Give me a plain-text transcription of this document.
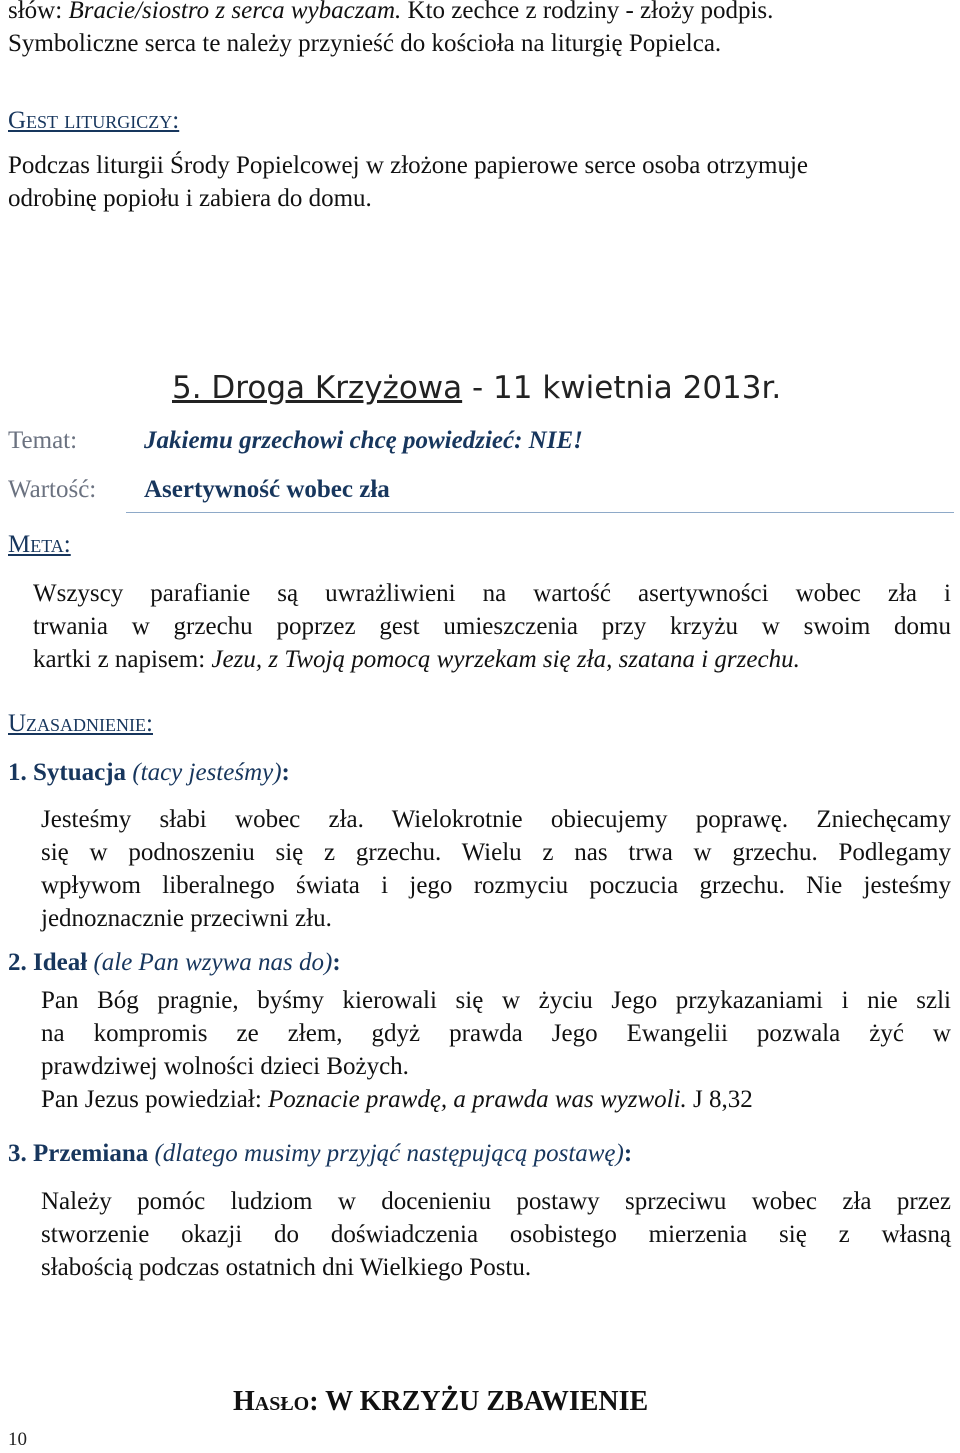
słów: Bracie/siostro z serca wybaczam. Kto zechce z rodziny - złoży podpis.
Symboliczne serca te należy przynieść do kościoła na liturgię Popielca.
Gest liturgiczy:
Podczas liturgii Środy Popielcowej w złożone papierowe serce osoba otrzymuje
odrobinę popiołu i zabiera do domu.
5. Droga Krzyżowa - 11 kwietnia 2013r.
Temat:	Jakiemu grzechowi chcę powiedzieć: NIE!
Wartość: Asertywność wobec zła
Meta:
Wszyscy parafianie są uwrażliwieni na wartość asertywności wobec zła i
trwania w grzechu poprzez gest umieszczenia przy krzyżu w swoim domu
kartki z napisem: Jezu, z Twoją pomocą wyrzekam się zła, szatana i grzechu.
Uzasadnienie:
1. Sytuacja (tacy jesteśmy):
Jesteśmy słabi wobec zła. Wielokrotnie obiecujemy poprawę. Zniechęcamy
się w podnoszeniu się z grzechu. Wielu z nas trwa w grzechu. Podlegamy
wpływom liberalnego świata i jego rozmyciu poczucia grzechu. Nie jesteśmy
jednoznacznie przeciwni złu.
2. Ideał (ale Pan wzywa nas do):
Pan Bóg pragnie, byśmy kierowali się w życiu Jego przykazaniami i nie szli
na kompromis ze złem, gdyż prawda Jego Ewangelii pozwala żyć w
prawdziwej wolności dzieci Bożych.
Pan Jezus powiedział: Poznacie prawdę, a prawda was wyzwoli. J 8,32
3. Przemiana (dlatego musimy przyjąć następującą postawę):
Należy pomóc ludziom w docenieniu postawy sprzeciwu wobec zła przez
stworzenie okazji do doświadczenia osobistego mierzenia się z własną
słabością podczas ostatnich dni Wielkiego Postu.
Hasło: W KRZYŻU ZBAWIENIE
10
